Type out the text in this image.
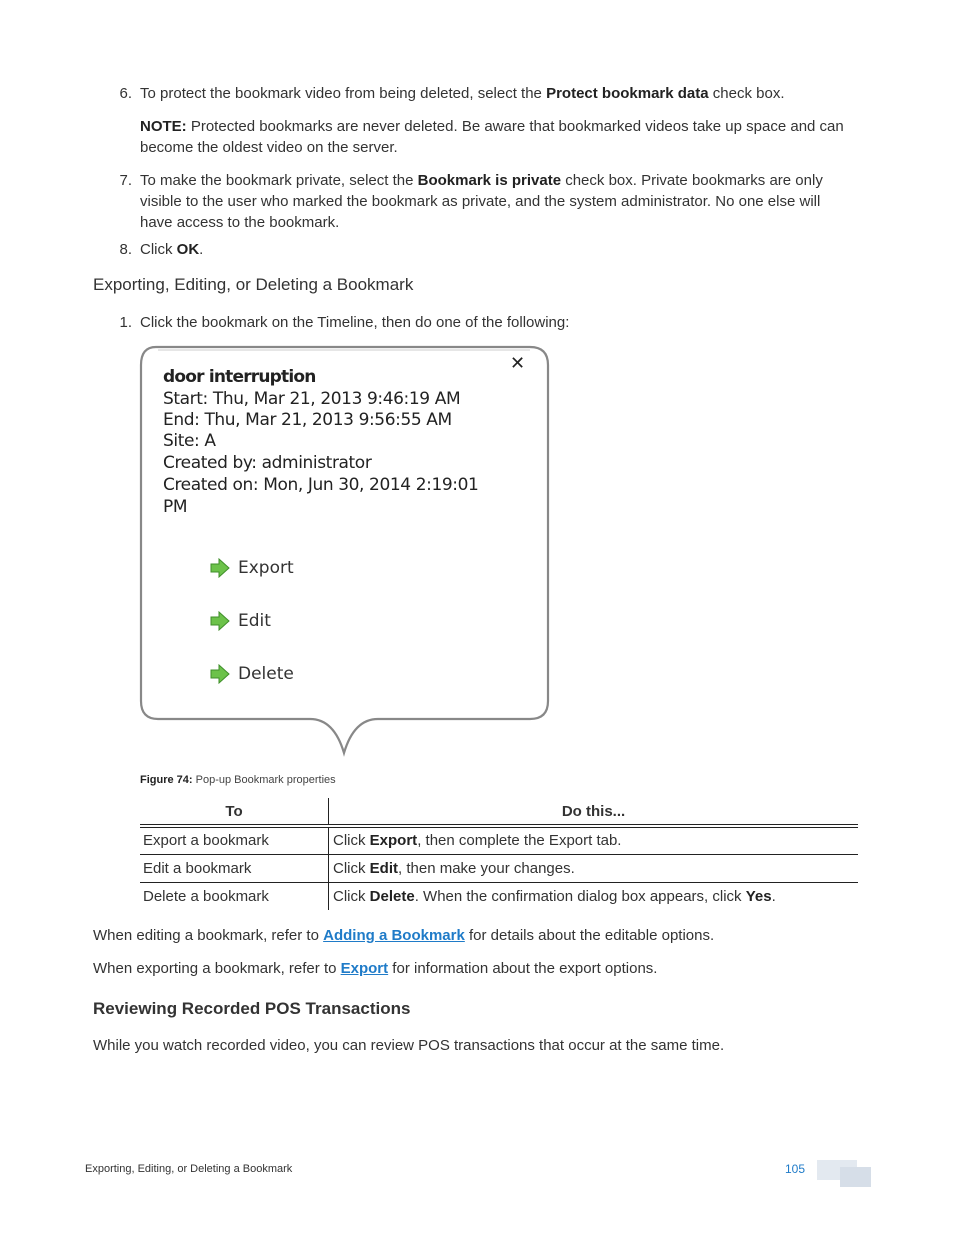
6. To protect the bookmark video from being deleted, select the Protect bookmark data check box.
NOTE: Protected bookmarks are never deleted. Be aware that bookmarked videos take up space and can become the oldest video on the server.
7. To make the bookmark private, select the Bookmark is private check box. Private bookmarks are only visible to the user who marked the bookmark as private, and the system administrator. No one else will have access to the bookmark.
8. Click OK.
Exporting, Editing, or Deleting a Bookmark
1. Click the bookmark on the Timeline, then do one of the following:
✕
door interruption
Start: Thu, Mar 21, 2013 9:46:19 AM
End: Thu, Mar 21, 2013 9:56:55 AM
Site: A
Created by: administrator
Created on: Mon, Jun 30, 2014 2:19:01
PM
Export
Edit
Delete
Figure 74: Pop-up Bookmark properties
To	Do this...
Export a bookmark	Click Export, then complete the Export tab.
Edit a bookmark	Click Edit, then make your changes.
Delete a bookmark	Click Delete. When the confirmation dialog box appears, click Yes.
When editing a bookmark, refer to Adding a Bookmark for details about the editable options.
When exporting a bookmark, refer to Export for information about the export options.
Reviewing Recorded POS Transactions
While you watch recorded video, you can review POS transactions that occur at the same time.
Exporting, Editing, or Deleting a Bookmark	105
